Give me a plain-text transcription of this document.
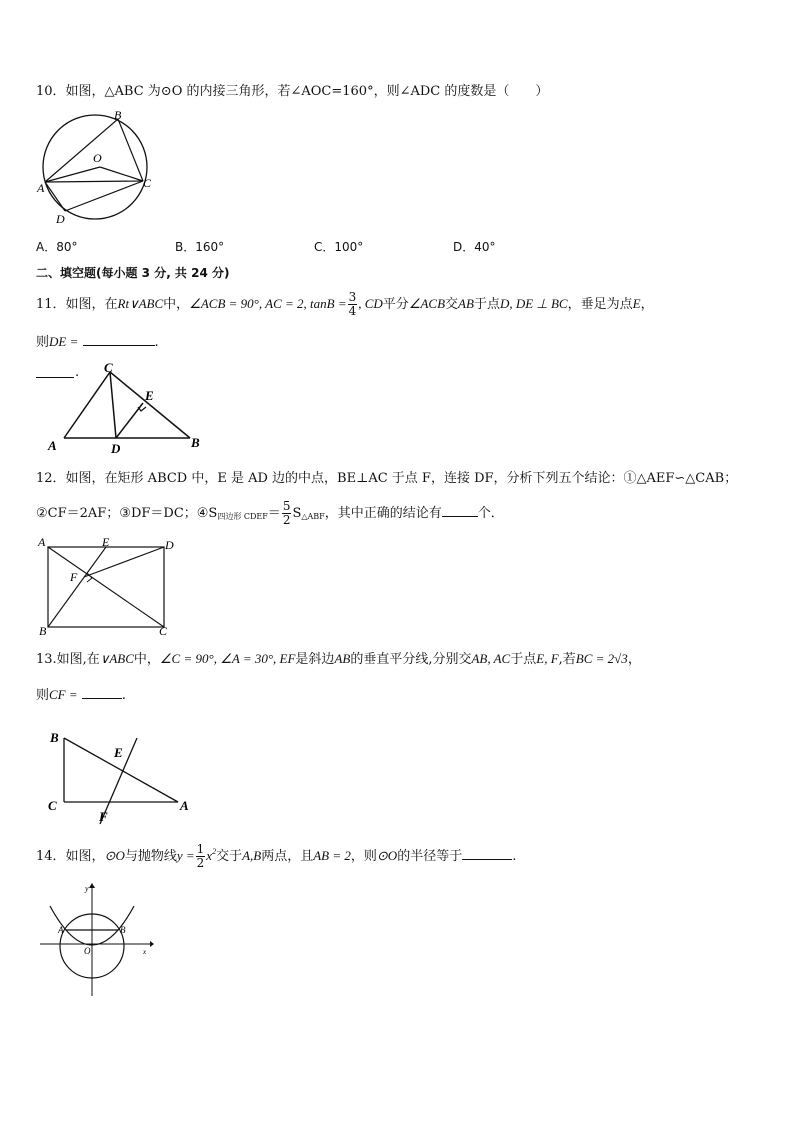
10．如图，△ABC 为⊙O 的内接三角形，若∠AOC=160°，则∠ADC 的度数是（　　）
B
O
A	C
D
A．80°	B．160°	C．100°	D．40°
二、填空题(每小题 3 分, 共 24 分)
11．如图，在Rt∨ABC中，∠ACB = 90°, AC = 2, $\tan B = \frac{3}{4}$ , CD平分∠ACB交AB于点D, DE ⊥ BC，垂足为点E，
则DE =	.
. C
E
A	D	B
12．如图，在矩形 ABCD 中，E 是 AD 边的中点，BE⊥AC 于点 F，连接 DF，分析下列五个结论：①△AEF∽△CAB；
②CF＝2AF；③DF＝DC；$④S_{四边形 CDEF}= \frac{5}{2} S_{\triangle ABF}$，其中正确的结论有	个．
A	E	D
F
B	C
13.如图,在∨ABC中，∠C = 90°, ∠A = 30°, EF是斜边AB的垂直平分线,分别交AB, AC于点E, F,若BC = 2√3，
则CF =	.
B
E
C	A
F
14．如图，⊙O与抛物线$y = \frac{1}{2} x^2$交于A,B两点，且AB = 2，则⊙O的半径等于	.
y
A	B
O	x
